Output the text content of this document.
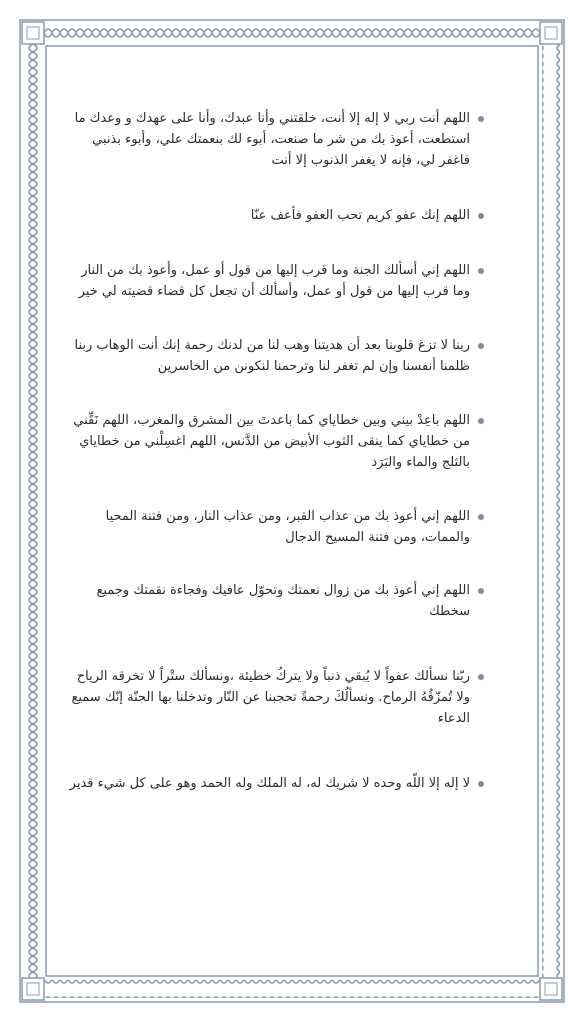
اللهم أنت ربي لا إله إلا أنت، خلقتني وأنا عبدك، وأنا على عهدك و وعدك ما استطعت، أعوذ بك من شر ما صنعت، أبوء لك بنعمتك علي، وأبوء بذنبي فاغفر لي، فإنه لا يغفر الذنوب إلا أنت

اللهم إنك عفو كريم تحب العفو فأعف عنّا

اللهم إني أسألك الجنة وما قرب إليها من قول أو عمل، وأعوذ بك من النار وما قرب إليها من قول أو عمل، وأسألك أن تجعل كل قضاء قضيته لي خير

ربنا لا تزغ قلوبنا بعد أن هديتنا وهب لنا من لدنك رحمة إنك أنت الوهاب ربنا ظلمنا أنفسنا وإن لم تغفر لنا وترحمنا لنكونن من الخاسرين

اللهم باعِدْ بيني وبين خطاياي كما باعدتَ بين المشرق والمغرب، اللهم نَقِّني من خطاياي كما ينقى الثوب الأبيض من الدَّنس، اللهم اغسِلْني من خطاياي بالثلج والماء والبَرَد

اللهم إني أعوذ بك من عذاب القبر، ومن عذاب النار، ومن فتنة المحيا والممات، ومن فتنة المسيح الدجال

اللهم إني أعوذ بك من زوال نعمتك وتحوّل عافيك وفجاءة نقمتك وجميع سخطك

ربّنا نسألك عفواً لا يُبقي ذنباً ولا يتركُ خطيئة ،ونسألك ستْراً لا تخرقه الرياح ولا تُمزّقُهُ الرماح. ونسألُكَ رحمةً تحجبنا عن النّار وتدخلنا بها الجنّة إنّك سميع الدعاء

لا إله إلا اللّه وحده لا شريك له، له الملك وله الحمد وهو على كل شيء قدير
